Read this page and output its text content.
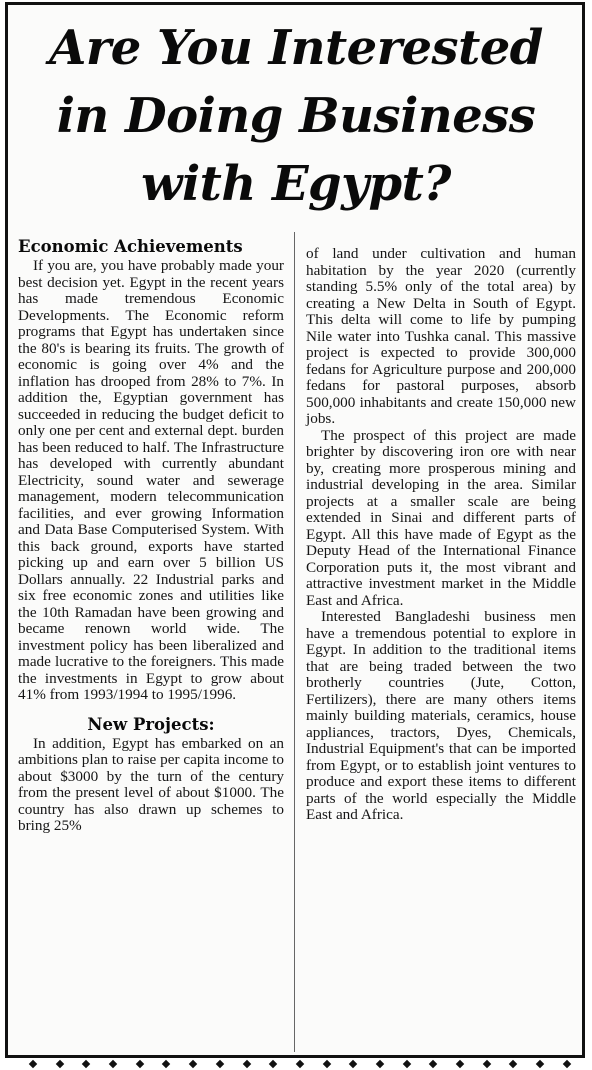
Are You Interested
in Doing Business
with Egypt?
Economic Achievements

If you are, you have probably made your best decision yet. Egypt in the recent years has made tremendous Economic Developments. The Economic reform programs that Egypt has undertaken since the 80's is bearing its fruits. The growth of economic is going over 4% and the inflation has drooped from 28% to 7%. In addition the, Egyptian government has succeeded in reducing the budget deficit to only one per cent and external dept. burden has been reduced to half. The Infrastructure has developed with currently abundant Electricity, sound water and sewerage management, modern telecommunication facilities, and ever growing Information and Data Base Computerised System. With this back ground, exports have started picking up and earn over 5 billion US Dollars annually. 22 Industrial parks and six free economic zones and utilities like the 10th Ramadan have been growing and became renown world wide. The investment policy has been liberalized and made lucrative to the foreigners. This made the investments in Egypt to grow about 41% from 1993/1994 to 1995/1996.

New Projects:

In addition, Egypt has embarked on an ambitions plan to raise per capita income to about $3000 by the turn of the century from the present level of about $1000. The country has also drawn up schemes to bring 25%

of land under cultivation and human habitation by the year 2020 (currently standing 5.5% only of the total area) by creating a New Delta in South of Egypt. This delta will come to life by pumping Nile water into Tushka canal. This massive project is expected to provide 300,000 fedans for Agriculture purpose and 200,000 fedans for pastoral purposes, absorb 500,000 inhabitants and create 150,000 new jobs.

The prospect of this project are made brighter by discovering iron ore with near by, creating more prosperous mining and industrial developing in the area. Similar projects at a smaller scale are being extended in Sinai and different parts of Egypt. All this have made of Egypt as the Deputy Head of the International Finance Corporation puts it, the most vibrant and attractive investment market in the Middle East and Africa.

Interested Bangladeshi business men have a tremendous potential to explore in Egypt. In addition to the traditional items that are being traded between the two brotherly countries (Jute, Cotton, Fertilizers), there are many others items mainly building materials, ceramics, house appliances, tractors, Dyes, Chemicals, Industrial Equipment's that can be imported from Egypt, or to establish joint ventures to produce and export these items to different parts of the world especially the Middle East and Africa.
